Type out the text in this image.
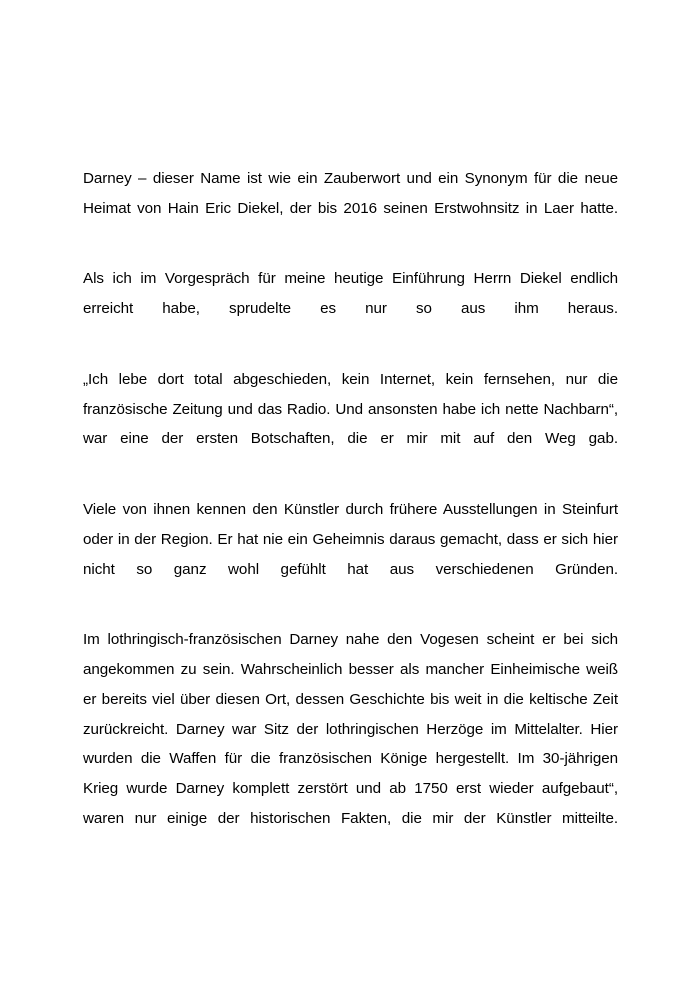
Darney – dieser Name ist wie ein Zauberwort und ein Synonym für die neue Heimat von Hain Eric Diekel, der bis 2016 seinen Erstwohnsitz in Laer hatte.

Als ich im Vorgespräch für meine heutige Einführung Herrn Diekel endlich erreicht habe, sprudelte es nur so aus ihm heraus.

„Ich lebe dort total abgeschieden, kein Internet, kein fernsehen, nur die französische Zeitung und das Radio. Und ansonsten habe ich nette Nachbarn“, war eine der ersten Botschaften, die er mir mit auf den Weg gab.

Viele von ihnen kennen den Künstler durch frühere Ausstellungen in Steinfurt oder in der Region. Er hat nie ein Geheimnis daraus gemacht, dass er sich hier nicht so ganz wohl gefühlt hat aus verschiedenen Gründen.

Im lothringisch-französischen Darney nahe den Vogesen scheint er bei sich angekommen zu sein. Wahrscheinlich besser als mancher Einheimische weiß er bereits viel über diesen Ort, dessen Geschichte bis weit in die keltische Zeit zurückreicht. Darney war Sitz der lothringischen Herzöge im Mittelalter. Hier wurden die Waffen für die französischen Könige hergestellt. Im 30-jährigen Krieg wurde Darney komplett zerstört und ab 1750 erst wieder aufgebaut“, waren nur einige der historischen Fakten, die mir der Künstler mitteilte.
